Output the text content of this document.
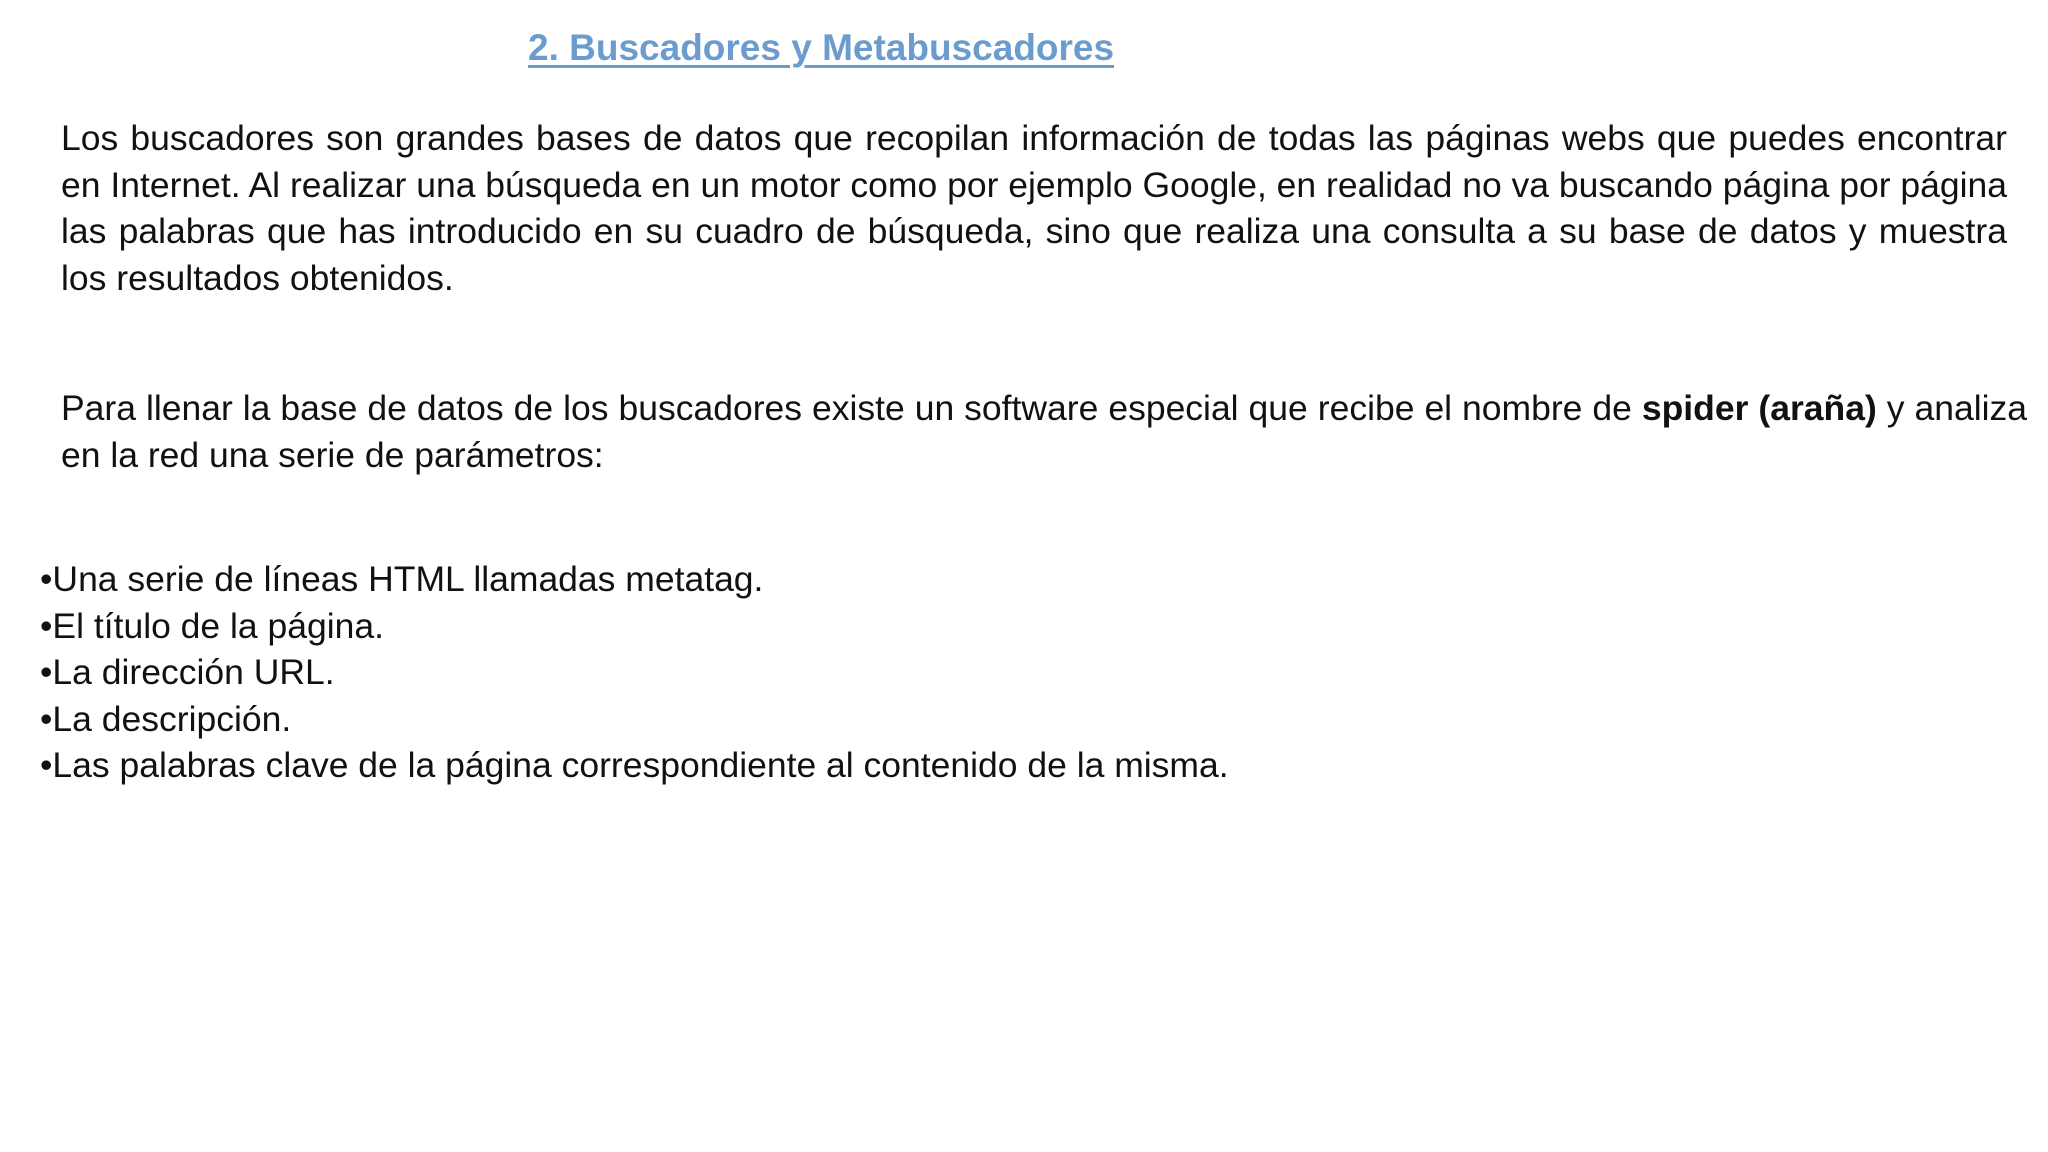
2. Buscadores y Metabuscadores

Los buscadores son grandes bases de datos que recopilan información de todas las páginas webs que puedes encontrar en Internet. Al realizar una búsqueda en un motor como por ejemplo Google, en realidad no va buscando página por página las palabras que has introducido en su cuadro de búsqueda, sino que realiza una consulta a su base de datos y muestra los resultados obtenidos.

Para llenar la base de datos de los buscadores existe un software especial que recibe el nombre de spider (araña) y analiza en la red una serie de parámetros:

•Una serie de líneas HTML llamadas metatag.
•El título de la página.
•La dirección URL.
•La descripción.
•Las palabras clave de la página correspondiente al contenido de la misma.
